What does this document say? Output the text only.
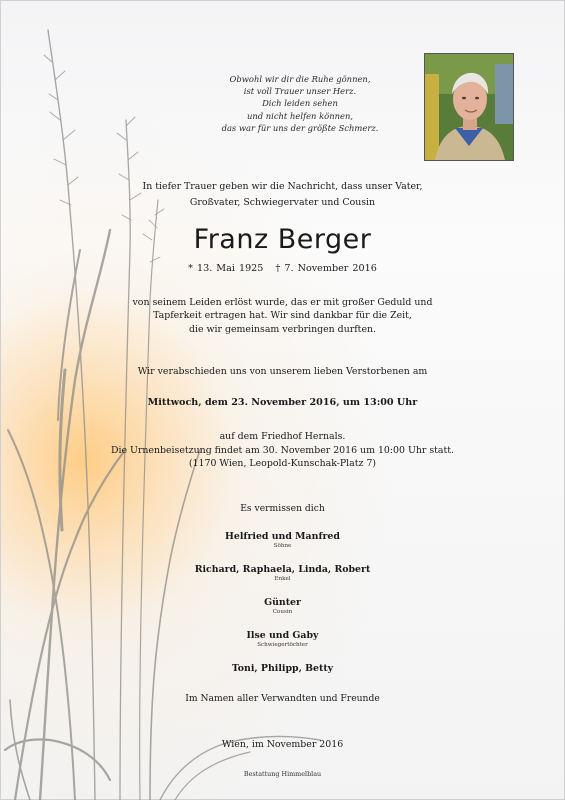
Obwohl wir dir die Ruhe gönnen,
ist voll Trauer unser Herz.
Dich leiden sehen
und nicht helfen können,
das war für uns der größte Schmerz.
In tiefer Trauer geben wir die Nachricht, dass unser Vater,
Großvater, Schwiegervater und Cousin
Franz Berger
* 13. Mai 1925   † 7. November 2016
von seinem Leiden erlöst wurde, das er mit großer Geduld und
Tapferkeit ertragen hat. Wir sind dankbar für die Zeit,
die wir gemeinsam verbringen durften.
Wir verabschieden uns von unserem lieben Verstorbenen am
Mittwoch, dem 23. November 2016, um 13:00 Uhr
auf dem Friedhof Hernals.
Die Urnenbeisetzung findet am 30. November 2016 um 10:00 Uhr statt.
(1170 Wien, Leopold-Kunschak-Platz 7)
Es vermissen dich
Helfried und Manfred
Söhne
Richard, Raphaela, Linda, Robert
Enkel
Günter
Cousin
Ilse und Gaby
Schwiegertöchter
Toni, Philipp, Betty
Im Namen aller Verwandten und Freunde
Wien, im November 2016
Bestattung Himmelblau
